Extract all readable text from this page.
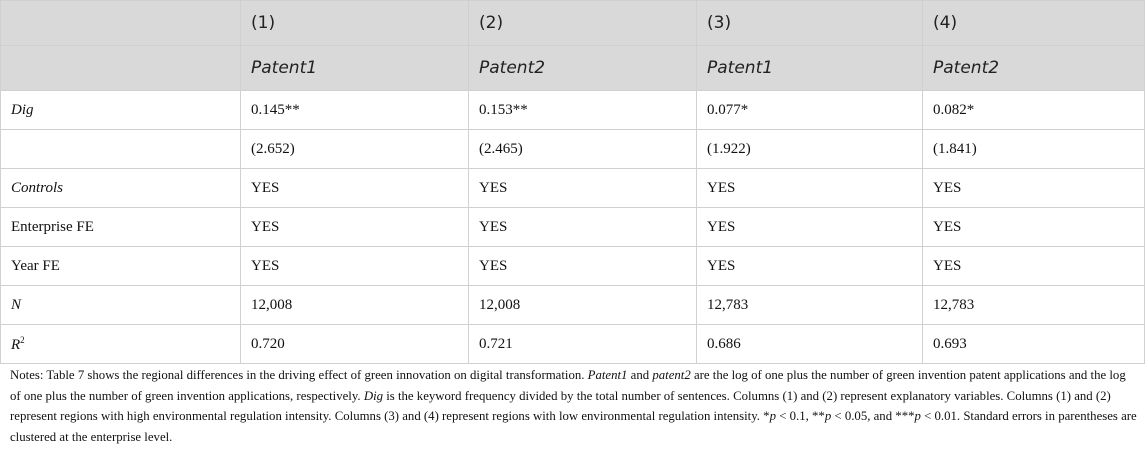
	(1)	(2)	(3)	(4)
	Patent1	Patent2	Patent1	Patent2
Dig	0.145**	0.153**	0.077*	0.082*
	(2.652)	(2.465)	(1.922)	(1.841)
Controls	YES	YES	YES	YES
Enterprise FE	YES	YES	YES	YES
Year FE	YES	YES	YES	YES
N	12,008	12,008	12,783	12,783
$R^2$	0.720	0.721	0.686	0.693
Notes: Table 7 shows the regional differences in the driving effect of green innovation on digital transformation. Patent1 and patent2 are the log of one plus the number of green invention patent applications and the log of one plus the number of green invention applications, respectively. Dig is the keyword frequency divided by the total number of sentences. Columns (1) and (2) represent explanatory variables. Columns (1) and (2) represent regions with high environmental regulation intensity. Columns (3) and (4) represent regions with low environmental regulation intensity. *p < 0.1, **p < 0.05, and ***p < 0.01. Standard errors in parentheses are clustered at the enterprise level.
